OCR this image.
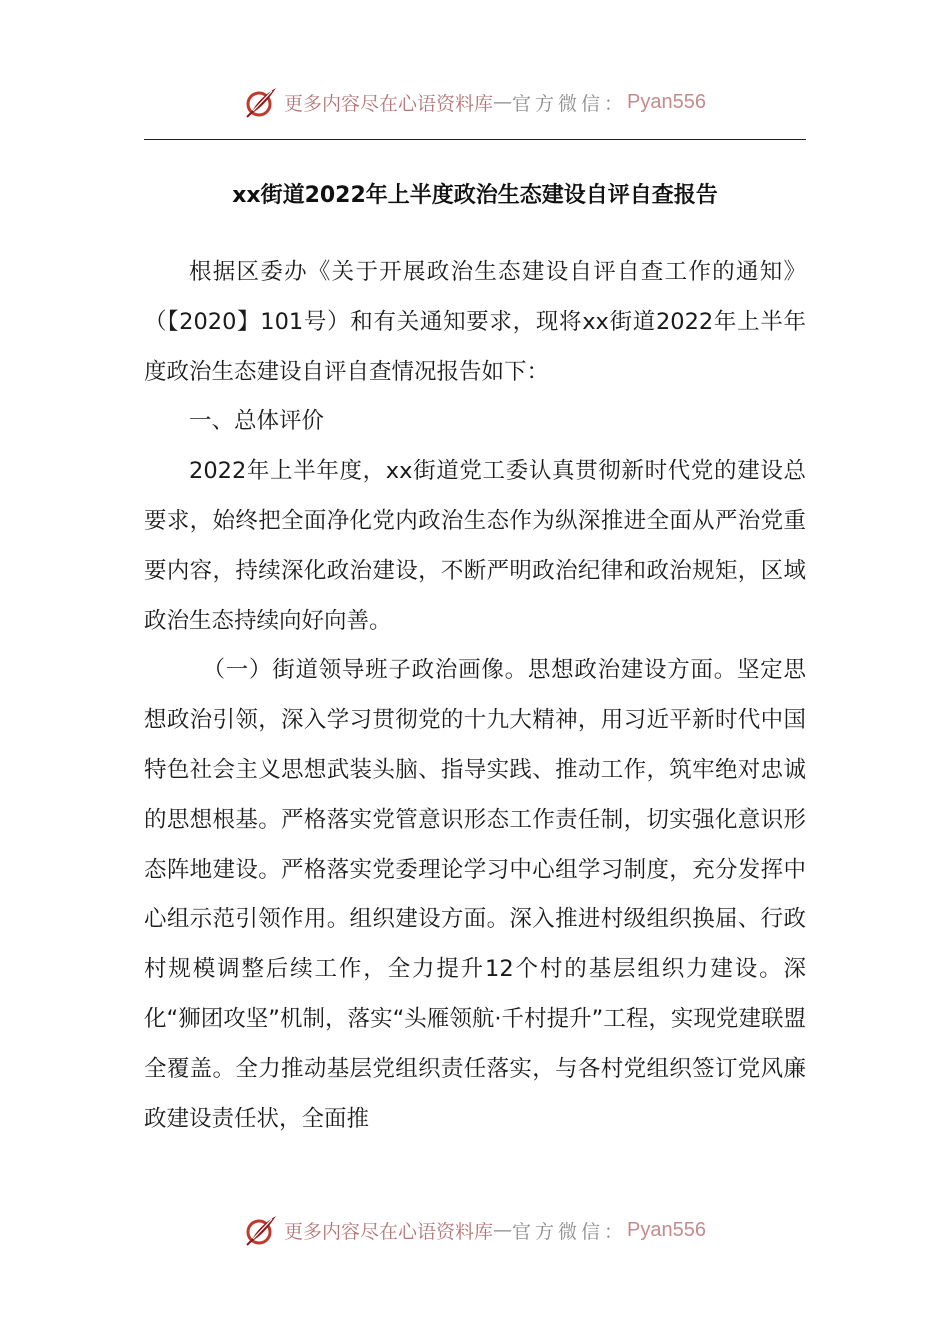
更多内容尽在心语资料库 — 官方微信： Pyan556
xx街道2022年上半度政治生态建设自评自查报告

根据区委办《关于开展政治生态建设自评自查工作的通知》（【2020】101号）和有关通知要求，现将xx街道2022年上半年度政治生态建设自评自查情况报告如下：

一、总体评价

2022年上半年度，xx街道党工委认真贯彻新时代党的建设总要求，始终把全面净化党内政治生态作为纵深推进全面从严治党重要内容，持续深化政治建设，不断严明政治纪律和政治规矩，区域政治生态持续向好向善。

（一）街道领导班子政治画像。思想政治建设方面。坚定思想政治引领，深入学习贯彻党的十九大精神，用习近平新时代中国特色社会主义思想武装头脑、指导实践、推动工作，筑牢绝对忠诚的思想根基。严格落实党管意识形态工作责任制，切实强化意识形态阵地建设。严格落实党委理论学习中心组学习制度，充分发挥中心组示范引领作用。组织建设方面。深入推进村级组织换届、行政村规模调整后续工作，全力提升12个村的基层组织力建设。深化“狮团攻坚”机制，落实“头雁领航·千村提升”工程，实现党建联盟全覆盖。全力推动基层党组织责任落实，与各村党组织签订党风廉政建设责任状，全面推

更多内容尽在心语资料库 — 官方微信： Pyan556
